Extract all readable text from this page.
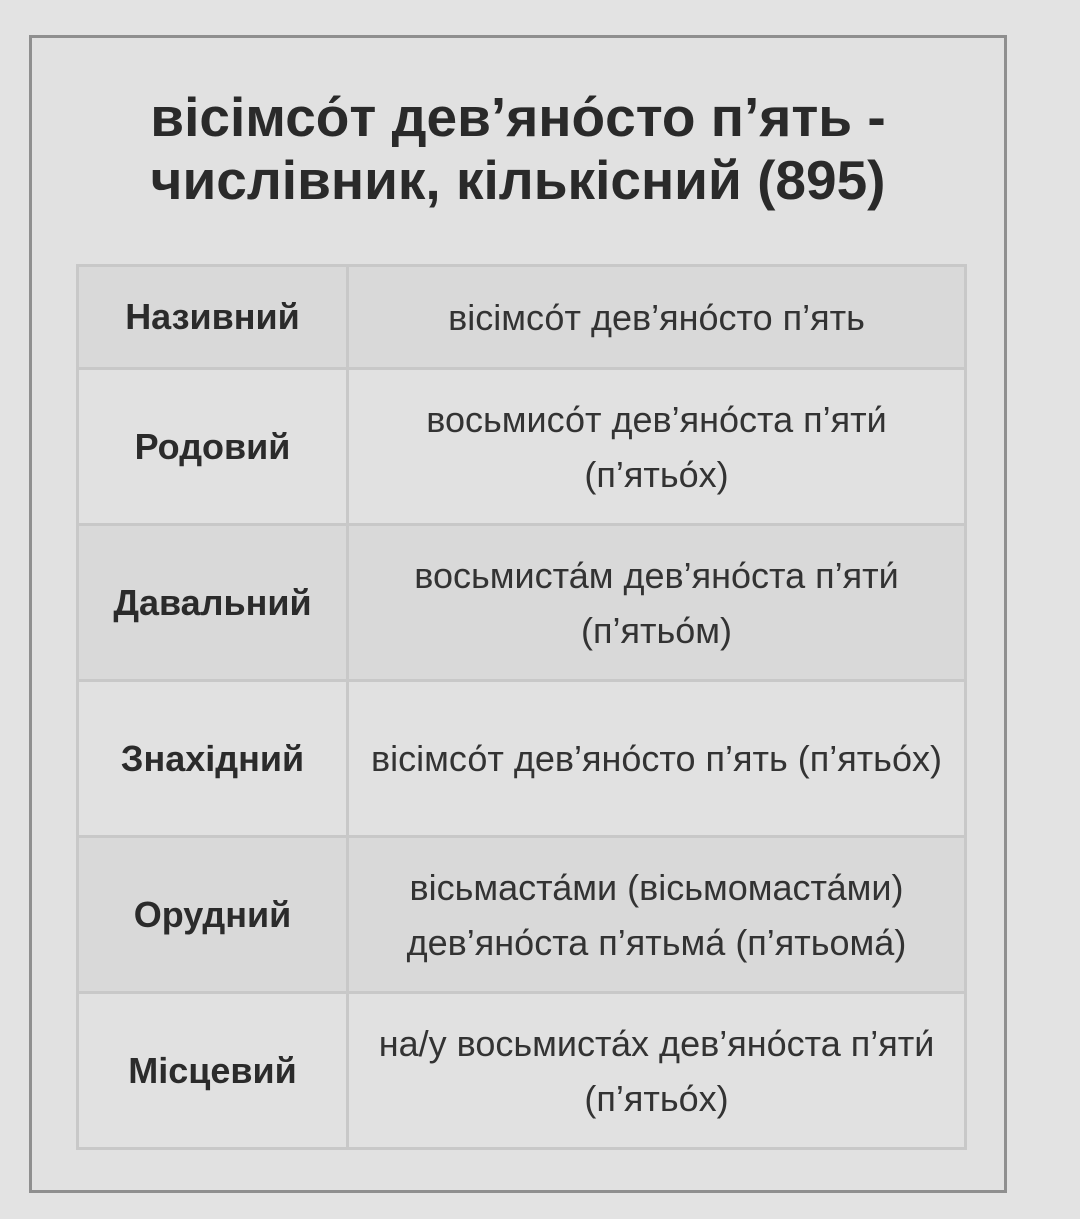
вісімсо́т дев’яно́сто п’ять - числівник, кількісний (895)
Називний	вісімсо́т дев’яно́сто п’ять
Родовий	восьмисо́т дев’яно́ста п’яти́ (п’ятьо́х)
Давальний	восьмиста́м дев’яно́ста п’яти́ (п’ятьо́м)
Знахідний	вісімсо́т дев’яно́сто п’ять (п’ятьо́х)
Орудний	вісьмаста́ми (вісьмомаста́ми) дев’яно́ста п’ятьма́ (п’ятьома́)
Місцевий	на/у восьмиста́х дев’яно́ста п’яти́ (п’ятьо́х)
